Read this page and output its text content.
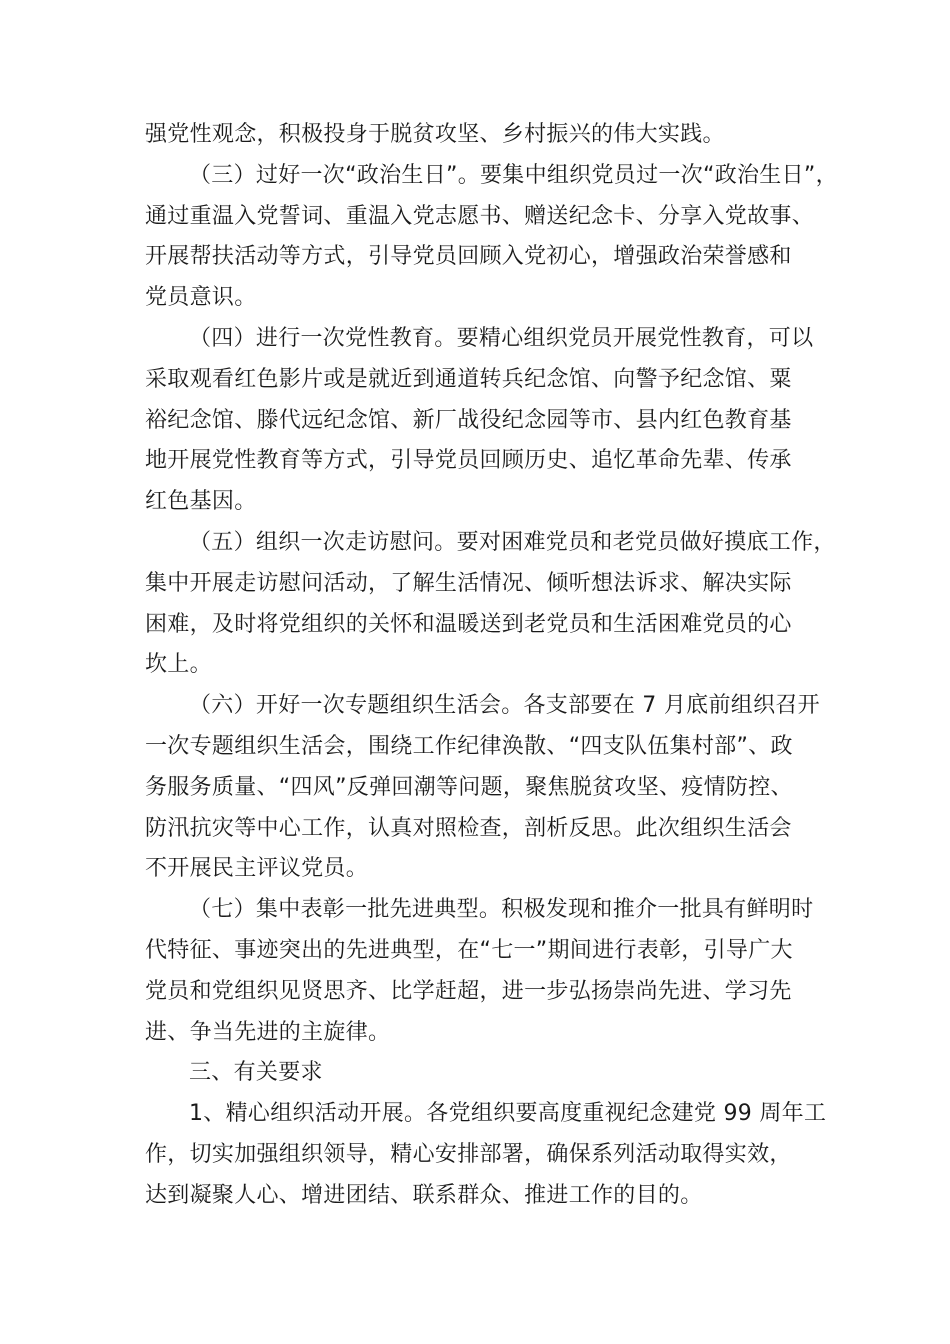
强党性观念，积极投身于脱贫攻坚、乡村振兴的伟大实践。
（三）过好一次“政治生日”。要集中组织党员过一次“政治生日”，
通过重温入党誓词、重温入党志愿书、赠送纪念卡、分享入党故事、
开展帮扶活动等方式，引导党员回顾入党初心，增强政治荣誉感和
党员意识。
（四）进行一次党性教育。要精心组织党员开展党性教育，可以
采取观看红色影片或是就近到通道转兵纪念馆、向警予纪念馆、粟
裕纪念馆、滕代远纪念馆、新厂战役纪念园等市、县内红色教育基
地开展党性教育等方式，引导党员回顾历史、追忆革命先辈、传承
红色基因。
（五）组织一次走访慰问。要对困难党员和老党员做好摸底工作，
集中开展走访慰问活动，了解生活情况、倾听想法诉求、解决实际
困难，及时将党组织的关怀和温暖送到老党员和生活困难党员的心
坎上。
（六）开好一次专题组织生活会。各支部要在 7 月底前组织召开
一次专题组织生活会，围绕工作纪律涣散、“四支队伍集村部”、政
务服务质量、“四风”反弹回潮等问题，聚焦脱贫攻坚、疫情防控、
防汛抗灾等中心工作，认真对照检查，剖析反思。此次组织生活会
不开展民主评议党员。
（七）集中表彰一批先进典型。积极发现和推介一批具有鲜明时
代特征、事迹突出的先进典型，在“七一”期间进行表彰，引导广大
党员和党组织见贤思齐、比学赶超，进一步弘扬崇尚先进、学习先
进、争当先进的主旋律。
三、有关要求
1、精心组织活动开展。各党组织要高度重视纪念建党 99 周年工
作，切实加强组织领导，精心安排部署，确保系列活动取得实效，
达到凝聚人心、增进团结、联系群众、推进工作的目的。
